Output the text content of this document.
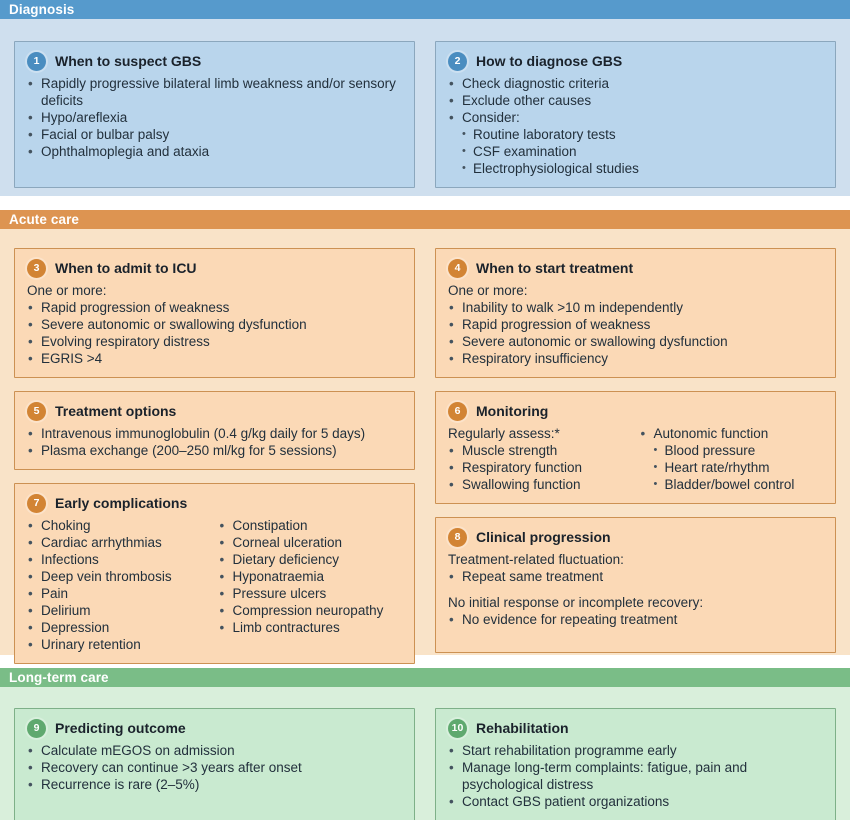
Diagnosis
1	When to suspect GBS
• Rapidly progressive bilateral limb weakness and/or sensory deficits
• Hypo/areflexia
• Facial or bulbar palsy
• Ophthalmoplegia and ataxia
2	How to diagnose GBS
• Check diagnostic criteria
• Exclude other causes
• Consider:
• Routine laboratory tests
• CSF examination
• Electrophysiological studies
Acute care
3	When to admit to ICU
One or more:
• Rapid progression of weakness
• Severe autonomic or swallowing dysfunction
• Evolving respiratory distress
• EGRIS >4
5	Treatment options
• Intravenous immunoglobulin (0.4 g/kg daily for 5 days)
• Plasma exchange (200–250 ml/kg for 5 sessions)
7	Early complications
• Choking
• Cardiac arrhythmias
• Infections
• Deep vein thrombosis
• Pain
• Delirium
• Depression
• Urinary retention
• Constipation
• Corneal ulceration
• Dietary deficiency
• Hyponatraemia
• Pressure ulcers
• Compression neuropathy
• Limb contractures
4	When to start treatment
One or more:
• Inability to walk >10 m independently
• Rapid progression of weakness
• Severe autonomic or swallowing dysfunction
• Respiratory insufficiency
6	Monitoring
Regularly assess:*
• Muscle strength
• Respiratory function
• Swallowing function
• Autonomic function
• Blood pressure
• Heart rate/rhythm
• Bladder/bowel control
8	Clinical progression
Treatment-related fluctuation:
• Repeat same treatment
No initial response or incomplete recovery:
• No evidence for repeating treatment
Long-term care
9	Predicting outcome
• Calculate mEGOS on admission
• Recovery can continue >3 years after onset
• Recurrence is rare (2–5%)
10 Rehabilitation
• Start rehabilitation programme early
• Manage long-term complaints: fatigue, pain and psychological distress
• Contact GBS patient organizations
